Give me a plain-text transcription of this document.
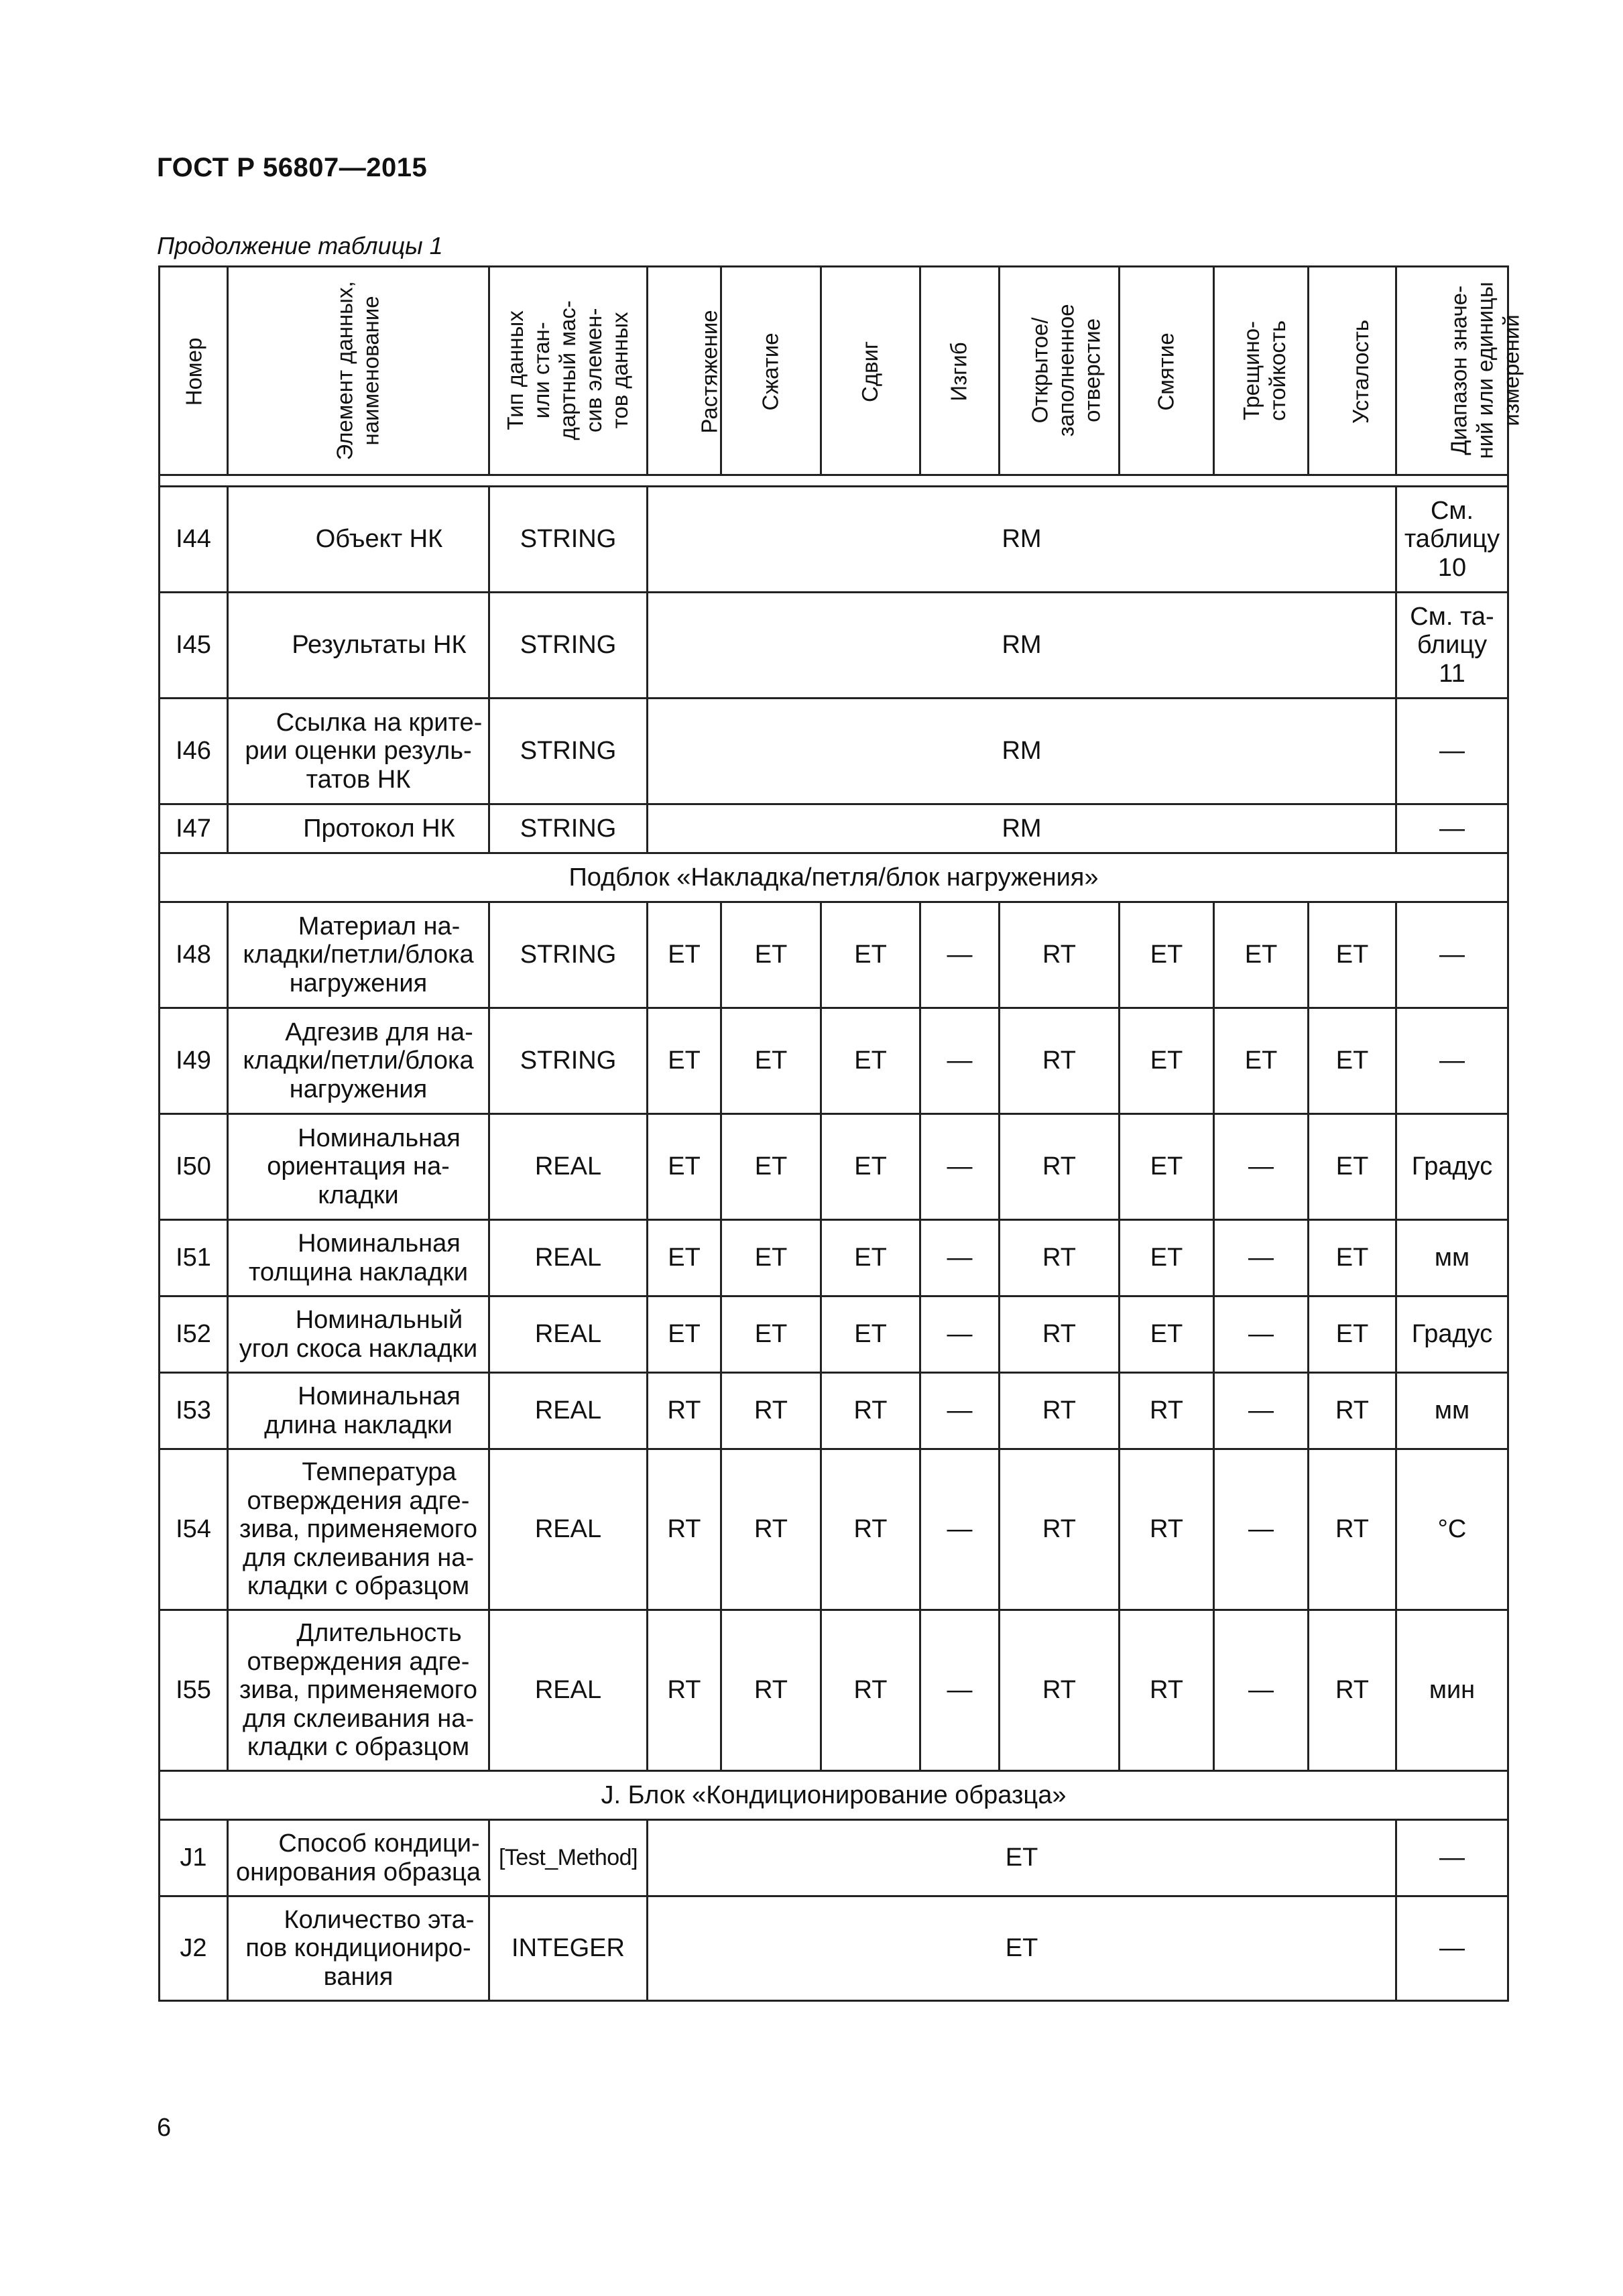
ГОСТ Р 56807—2015
Продолжение таблицы 1
Номер	Элемент данных,
наименование	Тип данных
или стан-
дартный мас-
сив элемен-
тов данных	Растяжение	Сжатие	Сдвиг	Изгиб	Открытое/
заполненное
отверстие	Смятие	Трещино-
стойкость	Усталость	Диапазон значе-
ний или единицы
измерений

I44	Объект НК	STRING	RM								См.
таблицу
10
I45	Результаты НК	STRING	RM								См. та-
блицу
11
I46	Ссылка на крите-
рии оценки резуль-
татов НК	STRING	RM								—
I47	Протокол НК	STRING	RM								—
Подблок «Накладка/петля/блок нагружения»											
I48	Материал на-
кладки/петли/блока
нагружения	STRING	ET	ET	ET	—	RT	ET	ET	ET	—
I49	Адгезив для на-
кладки/петли/блока
нагружения	STRING	ET	ET	ET	—	RT	ET	ET	ET	—
I50	Номинальная
ориентация на-
кладки	REAL	ET	ET	ET	—	RT	ET	—	ET	Градус
I51	Номинальная
толщина накладки	REAL	ET	ET	ET	—	RT	ET	—	ET	мм
I52	Номинальный
угол скоса накладки	REAL	ET	ET	ET	—	RT	ET	—	ET	Градус
I53	Номинальная
длина накладки	REAL	RT	RT	RT	—	RT	RT	—	RT	мм
I54	Температура
отверждения адге-
зива, применяемого
для склеивания на-
кладки с образцом	REAL	RT	RT	RT	—	RT	RT	—	RT	°С
I55	Длительность
отверждения адге-
зива, применяемого
для склеивания на-
кладки с образцом	REAL	RT	RT	RT	—	RT	RT	—	RT	мин
J. Блок «Кондиционирование образца»											
J1	Способ кондици-
онирования образца	[Test_Method]	ET								—
J2	Количество эта-
пов кондициониро-
вания	INTEGER	ET								—
6
